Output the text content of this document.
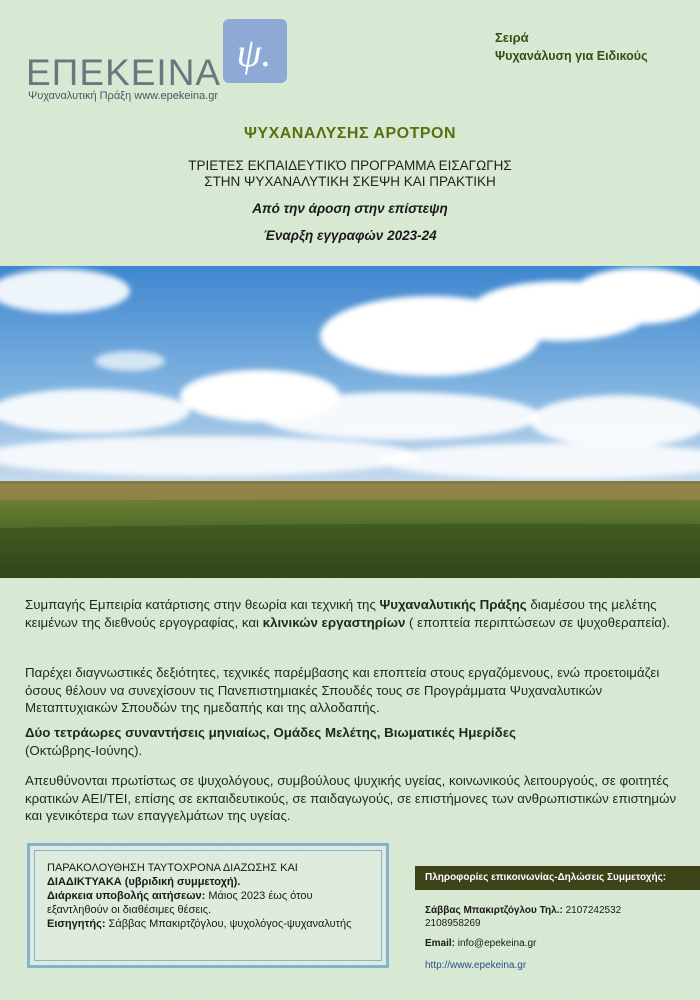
ΕΠΕΚΕΙΝΑ ψ.
Ψυχαναλυτική Πράξη www.epekeina.gr
Σειρά
Ψυχανάλυση για Ειδικούς
ΨΥΧΑΝΑΛΥΣΗΣ ΑΡΟΤΡΟΝ
ΤΡΙΕΤΕΣ ΕΚΠΑΙΔΕΥΤΙΚΌ ΠΡΟΓΡΑΜΜΑ ΕΙΣΑΓΩΓΗΣ
ΣΤΗΝ ΨΥΧΑΝΑΛΥΤΙΚΗ ΣΚΕΨΗ ΚΑΙ ΠΡΑΚΤΙΚΗ
Από την άροση στην επίστεψη
Έναρξη εγγραφών 2023-24
Συμπαγής Εμπειρία κατάρτισης στην θεωρία και τεχνική της Ψυχαναλυτικής Πράξης διαμέσου της μελέτης κειμένων της διεθνούς εργογραφίας, και κλινικών εργαστηρίων ( εποπτεία περιπτώσεων σε ψυχοθεραπεία).
Παρέχει διαγνωστικές δεξιότητες, τεχνικές παρέμβασης και εποπτεία στους εργαζόμενους, ενώ προετοιμάζει όσους θέλουν να συνεχίσουν τις Πανεπιστημιακές Σπουδές τους σε Προγράμματα Ψυχαναλυτικών Μεταπτυχιακών Σπουδών της ημεδαπής και της αλλοδαπής.
Δύο τετράωρες συναντήσεις μηνιαίως, Ομάδες Μελέτης, Βιωματικές Ημερίδες
(Οκτώβρης-Ιούνης).
Απευθύνονται πρωτίστως σε ψυχολόγους, συμβούλους ψυχικής υγείας, κοινωνικούς λειτουργούς, σε φοιτητές κρατικών ΑΕΙ/ΤΕΙ, επίσης σε εκπαιδευτικούς, σε παιδαγωγούς, σε επιστήμονες των ανθρωπιστικών επιστημών και γενικότερα των επαγγελμάτων της υγείας.
ΠΑΡΑΚΟΛΟΥΘΗΣΗ ΤΑΥΤΟΧΡΟΝΑ ΔΙΑΖΩΣΗΣ ΚΑΙ
ΔΙΑΔΙΚΤΥΑΚΑ (υβριδική συμμετοχή).
Διάρκεια υποβολής αιτήσεων: Μάιος 2023 έως ότου εξαντληθούν οι διαθέσιμες θέσεις.
Εισηγητής: Σάββας Μπακιρτζόγλου, ψυχολόγος-ψυχαναλυτής
Πληροφορίες επικοινωνίας-Δηλώσεις Συμμετοχής:
Σάββας Μπακιρτζόγλου Τηλ.: 2107242532 2108958269
Email: info@epekeina.gr
http://www.epekeina.gr
